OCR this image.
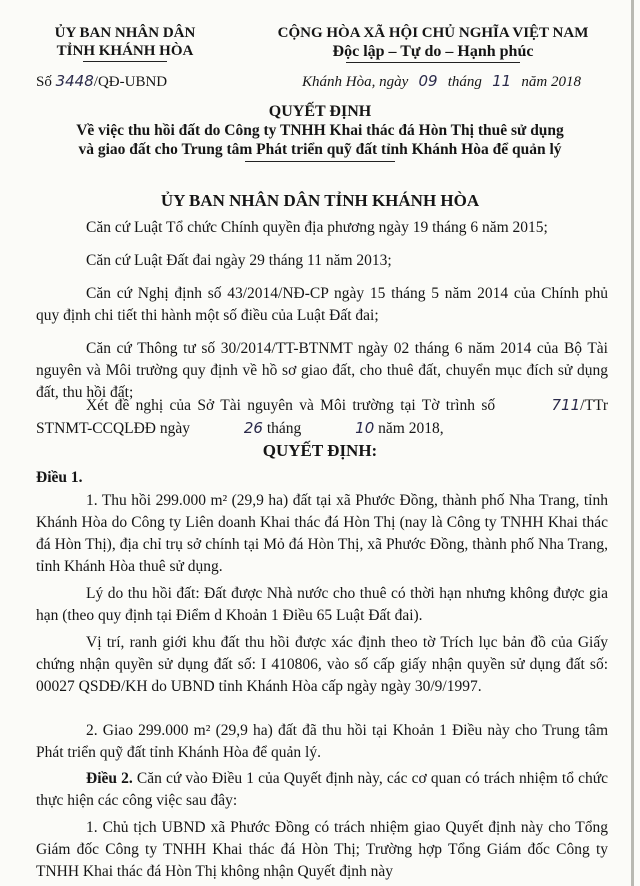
ỦY BAN NHÂN DÂN
TỈNH KHÁNH HÒA
CỘNG HÒA XÃ HỘI CHỦ NGHĨA VIỆT NAM
Độc lập – Tự do – Hạnh phúc
Số 3448/QĐ-UBND	Khánh Hòa, ngày 09 tháng 11 năm 2018
QUYẾT ĐỊNH
Về việc thu hồi đất do Công ty TNHH Khai thác đá Hòn Thị thuê sử dụng
và giao đất cho Trung tâm Phát triển quỹ đất tỉnh Khánh Hòa để quản lý
ỦY BAN NHÂN DÂN TỈNH KHÁNH HÒA
Căn cứ Luật Tổ chức Chính quyền địa phương ngày 19 tháng 6 năm 2015;
Căn cứ Luật Đất đai ngày 29 tháng 11 năm 2013;
Căn cứ Nghị định số 43/2014/NĐ-CP ngày 15 tháng 5 năm 2014 của Chính phủ quy định chi tiết thi hành một số điều của Luật Đất đai;
Căn cứ Thông tư số 30/2014/TT-BTNMT ngày 02 tháng 6 năm 2014 của Bộ Tài nguyên và Môi trường quy định về hồ sơ giao đất, cho thuê đất, chuyển mục đích sử dụng đất, thu hồi đất;
Xét đề nghị của Sở Tài nguyên và Môi trường tại Tờ trình số	711/TTr STNMT-CCQLĐĐ ngày	26 tháng	10 năm 2018,
QUYẾT ĐỊNH:
Điều 1.
1. Thu hồi 299.000 m² (29,9 ha) đất tại xã Phước Đồng, thành phố Nha Trang, tỉnh Khánh Hòa do Công ty Liên doanh Khai thác đá Hòn Thị (nay là Công ty TNHH Khai thác đá Hòn Thị), địa chỉ trụ sở chính tại Mỏ đá Hòn Thị, xã Phước Đồng, thành phố Nha Trang, tỉnh Khánh Hòa thuê sử dụng.
Lý do thu hồi đất: Đất được Nhà nước cho thuê có thời hạn nhưng không được gia hạn (theo quy định tại Điểm d Khoản 1 Điều 65 Luật Đất đai).
Vị trí, ranh giới khu đất thu hồi được xác định theo tờ Trích lục bản đồ của Giấy chứng nhận quyền sử dụng đất số: I 410806, vào số cấp giấy nhận quyền sử dụng đất số: 00027 QSDĐ/KH do UBND tỉnh Khánh Hòa cấp ngày ngày 30/9/1997.
2. Giao 299.000 m² (29,9 ha) đất đã thu hồi tại Khoản 1 Điều này cho Trung tâm Phát triển quỹ đất tỉnh Khánh Hòa để quản lý.
Điều 2. Căn cứ vào Điều 1 của Quyết định này, các cơ quan có trách nhiệm tổ chức thực hiện các công việc sau đây:
1. Chủ tịch UBND xã Phước Đồng có trách nhiệm giao Quyết định này cho Tổng Giám đốc Công ty TNHH Khai thác đá Hòn Thị; Trường hợp Tổng Giám đốc Công ty TNHH Khai thác đá Hòn Thị không nhận Quyết định này
